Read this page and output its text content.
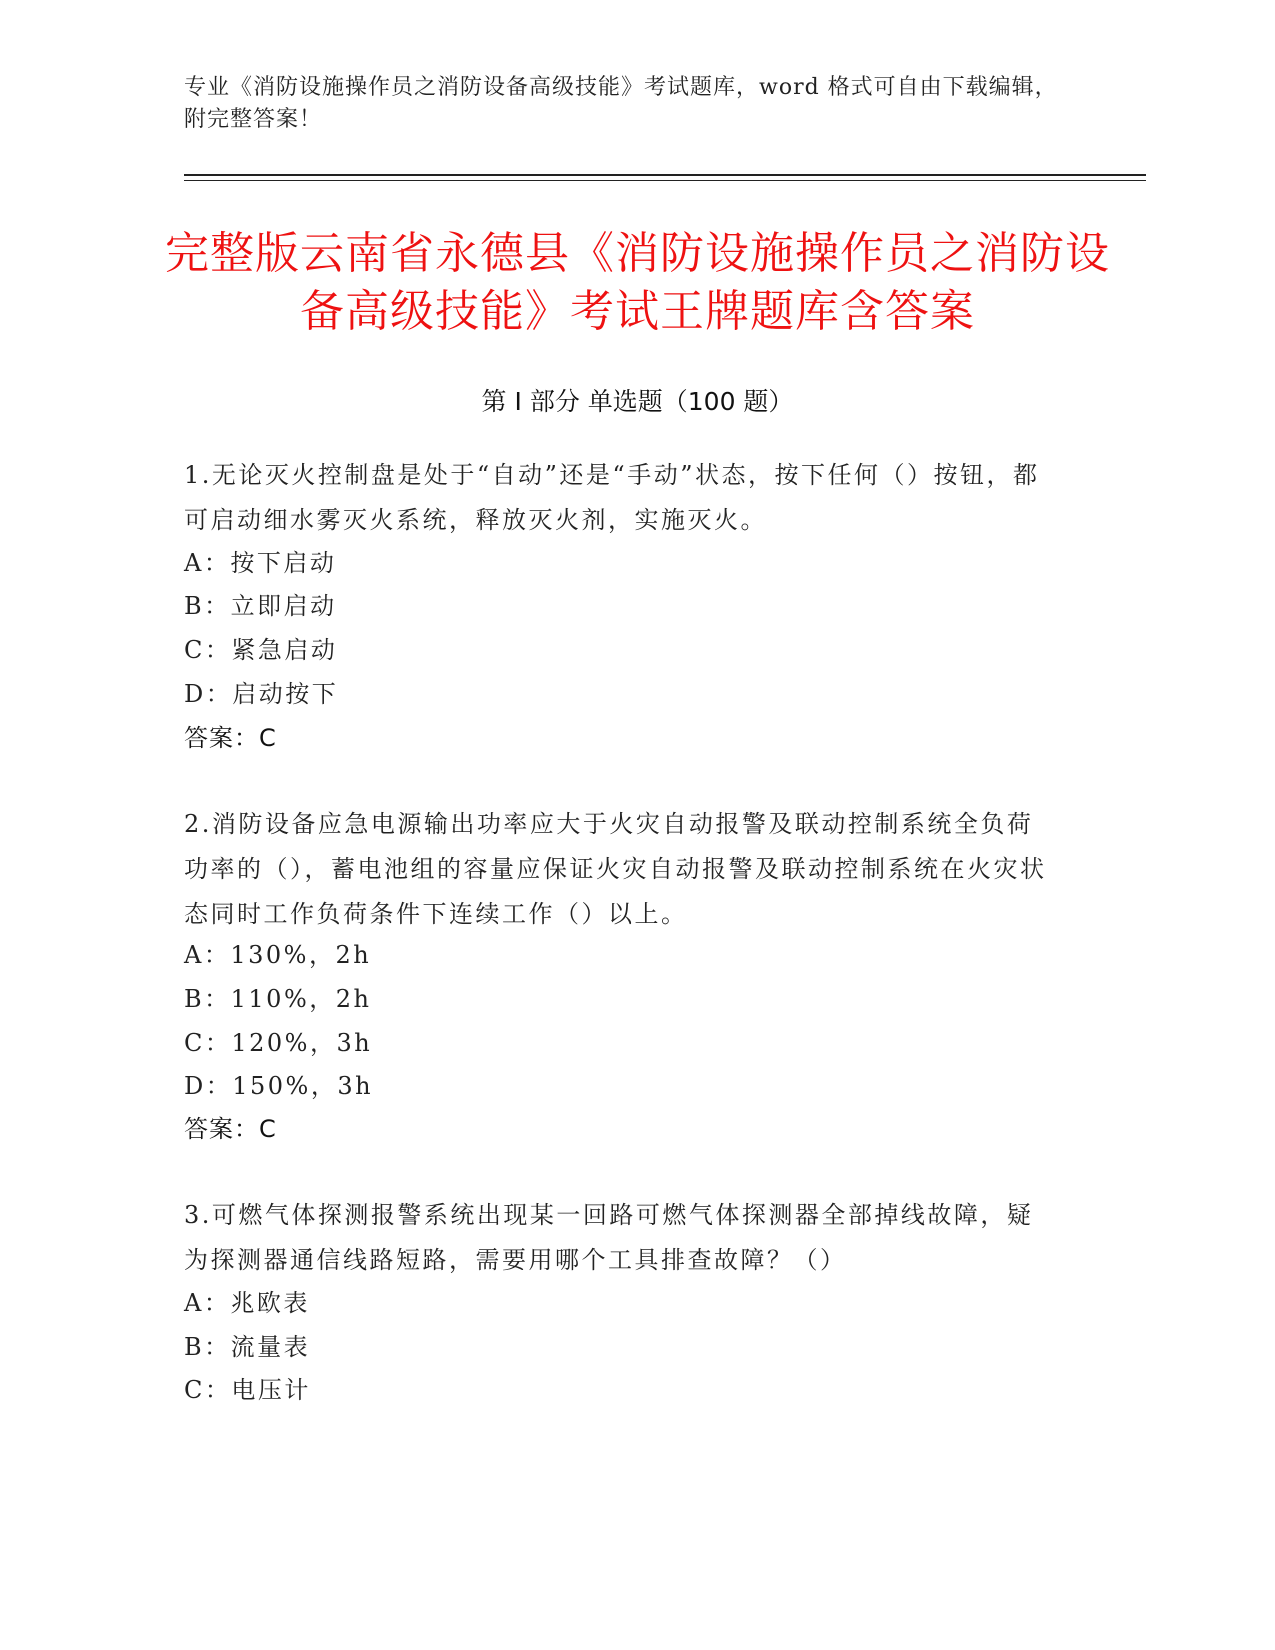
专业《消防设施操作员之消防设备高级技能》考试题库，word 格式可自由下载编辑，附完整答案！
完整版云南省永德县《消防设施操作员之消防设备高级技能》考试王牌题库含答案
第 I 部分 单选题（100 题）
1.无论灭火控制盘是处于“自动”还是“手动”状态，按下任何（）按钮，都可启动细水雾灭火系统，释放灭火剂，实施灭火。
A：按下启动
B：立即启动
C：紧急启动
D：启动按下
答案：C
2.消防设备应急电源输出功率应大于火灾自动报警及联动控制系统全负荷功率的（），蓄电池组的容量应保证火灾自动报警及联动控制系统在火灾状态同时工作负荷条件下连续工作（）以上。
A：130%，2h
B：110%，2h
C：120%，3h
D：150%，3h
答案：C
3.可燃气体探测报警系统出现某一回路可燃气体探测器全部掉线故障，疑为探测器通信线路短路，需要用哪个工具排查故障？（）
A：兆欧表
B：流量表
C：电压计
